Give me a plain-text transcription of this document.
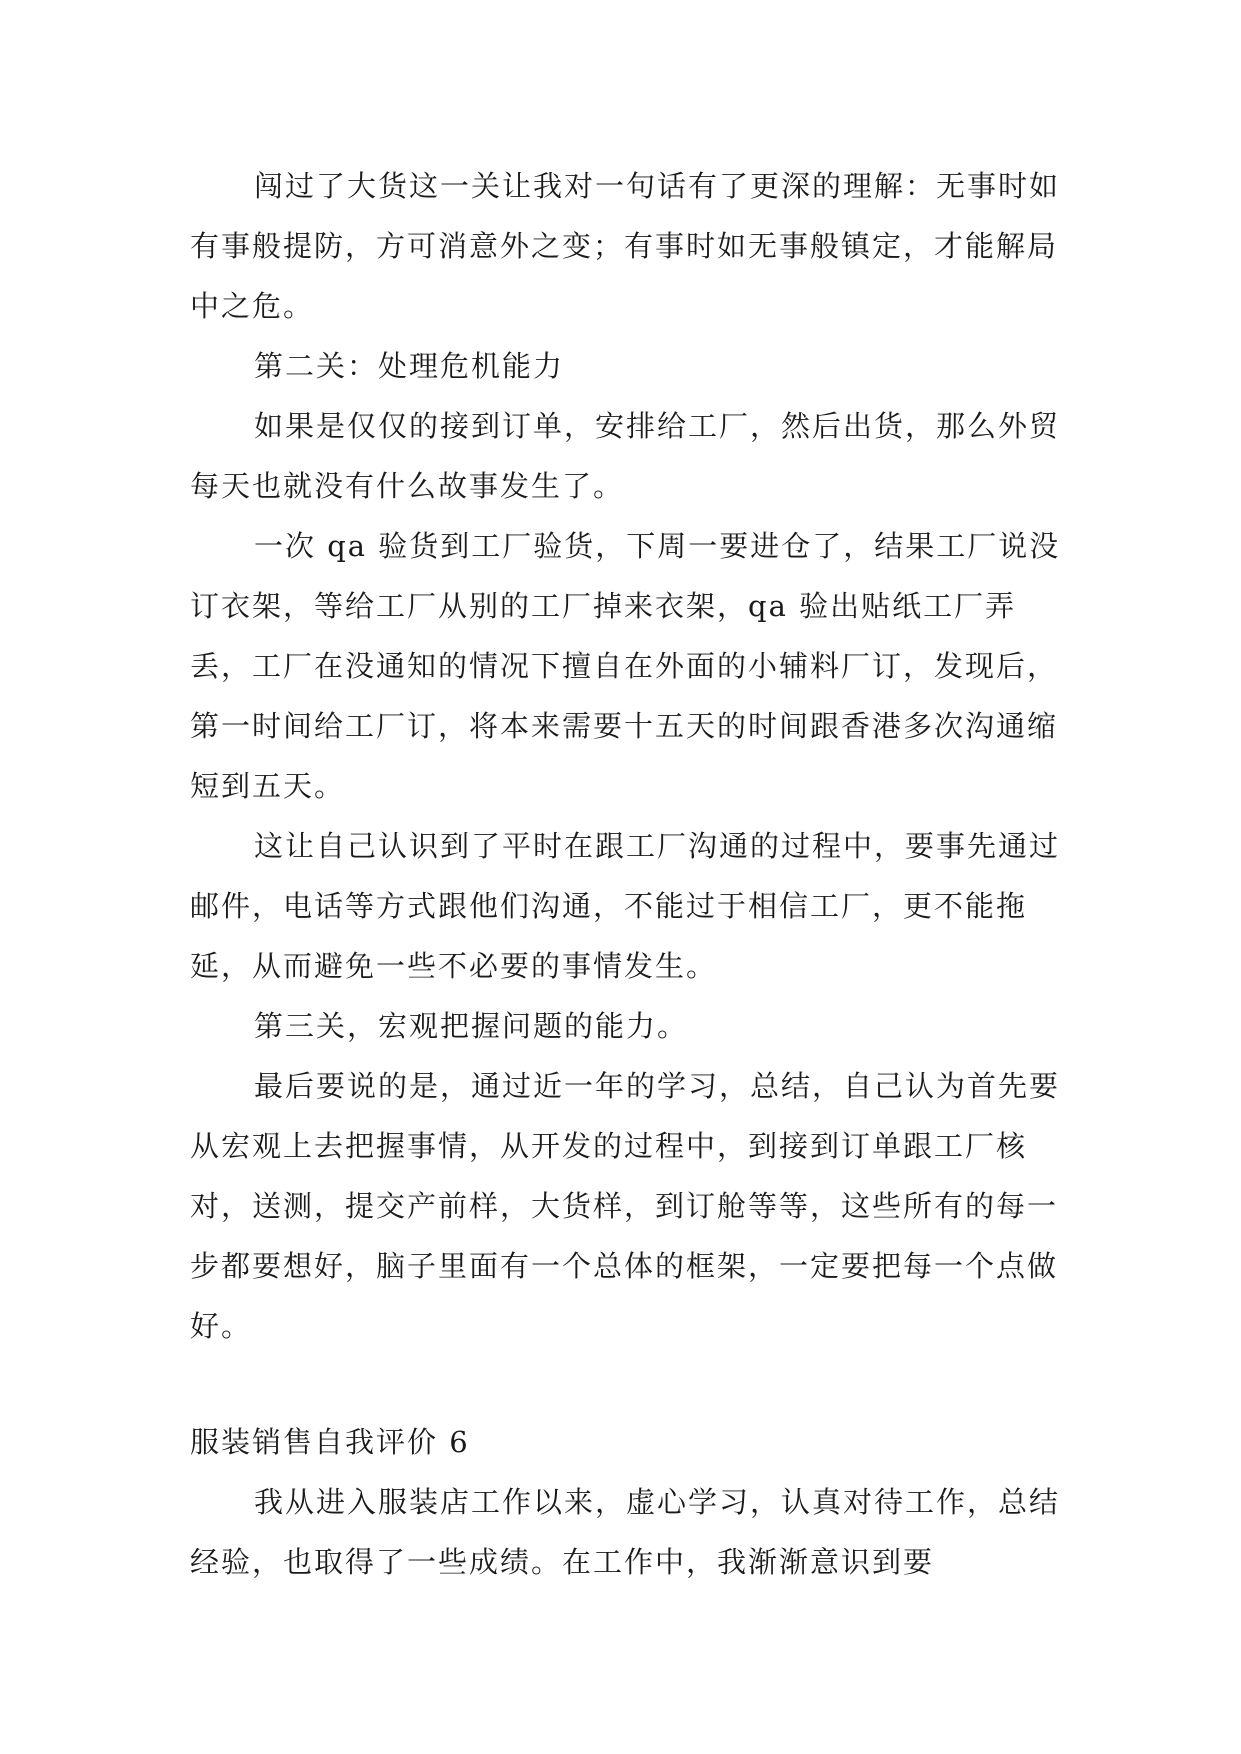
闯过了大货这一关让我对一句话有了更深的理解：无事时如有事般提防，方可消意外之变；有事时如无事般镇定，才能解局中之危。

第二关：处理危机能力

如果是仅仅的接到订单，安排给工厂，然后出货，那么外贸每天也就没有什么故事发生了。

一次 qa 验货到工厂验货，下周一要进仓了，结果工厂说没订衣架，等给工厂从别的工厂掉来衣架，qa 验出贴纸工厂弄丢，工厂在没通知的情况下擅自在外面的小辅料厂订，发现后，第一时间给工厂订，将本来需要十五天的时间跟香港多次沟通缩短到五天。

这让自己认识到了平时在跟工厂沟通的过程中，要事先通过邮件，电话等方式跟他们沟通，不能过于相信工厂，更不能拖延，从而避免一些不必要的事情发生。

第三关，宏观把握问题的能力。

最后要说的是，通过近一年的学习，总结，自己认为首先要从宏观上去把握事情，从开发的过程中，到接到订单跟工厂核对，送测，提交产前样，大货样，到订舱等等，这些所有的每一步都要想好，脑子里面有一个总体的框架，一定要把每一个点做好。

服装销售自我评价 6

我从进入服装店工作以来，虚心学习，认真对待工作，总结经验，也取得了一些成绩。在工作中，我渐渐意识到要
